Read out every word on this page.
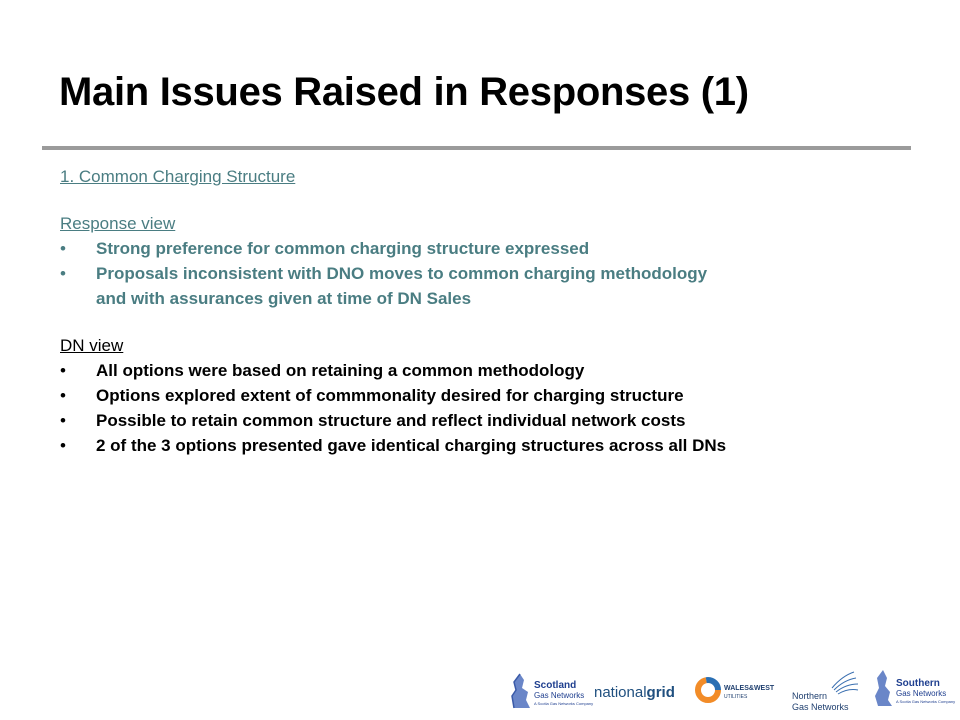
Main Issues Raised in Responses (1)
1. Common Charging Structure
Response view
• Strong preference for common charging structure expressed
• Proposals inconsistent with DNO moves to common charging methodology
and with assurances given at time of DN Sales
DN view
• All options were based on retaining a common methodology
• Options explored extent of commmonality desired for charging structure
• Possible to retain common structure and reflect individual network costs
• 2 of the 3 options presented gave identical charging structures across all DNs
Scotland
Gas Networks
A Scotia Gas Networks Company
nationalgrid	WALES&WEST
UTILITIES	Northern
Gas Networks
Southern
Gas Networks
A Scotia Gas Networks Company
